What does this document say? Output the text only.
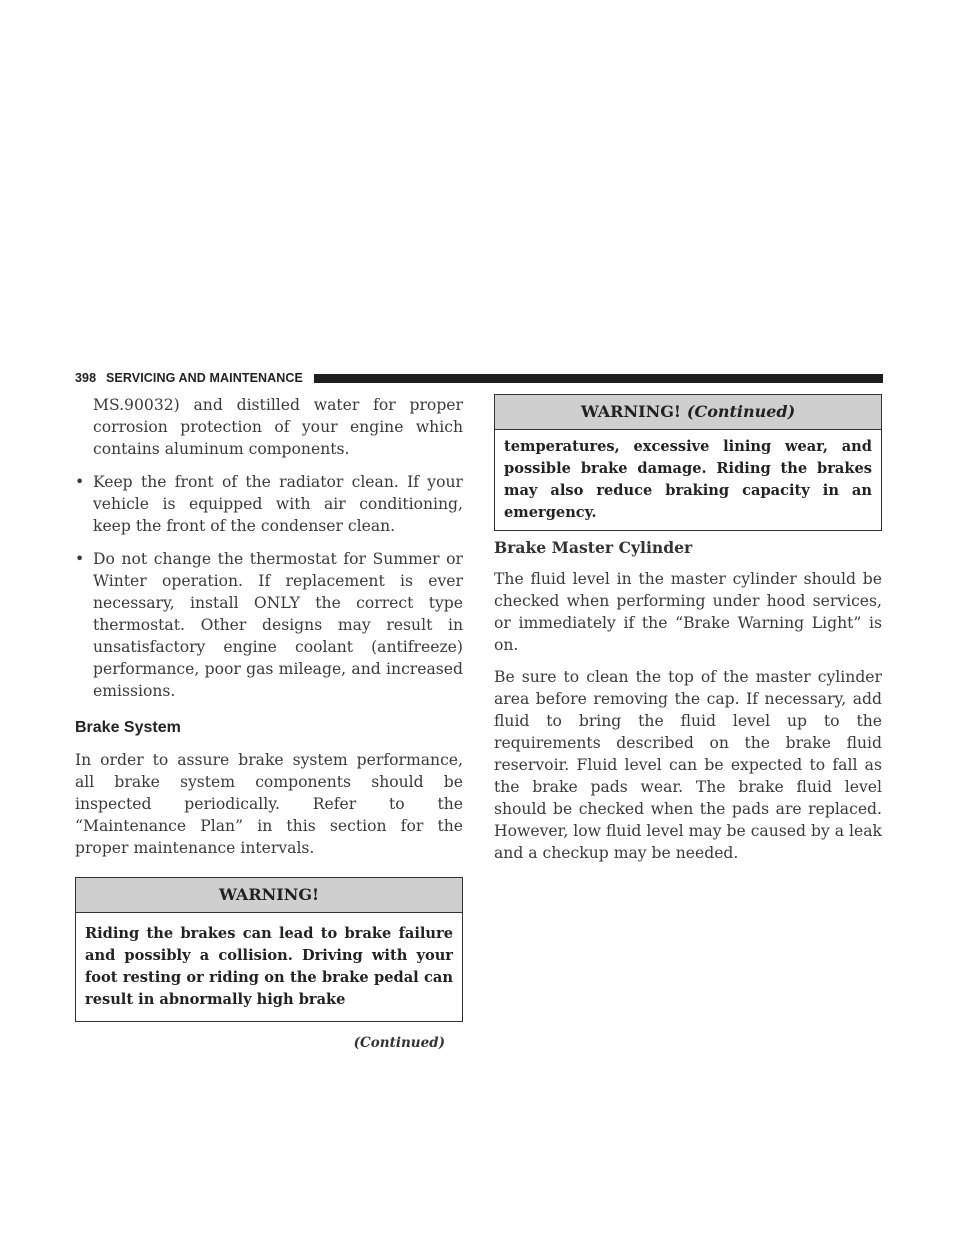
398 SERVICING AND MAINTENANCE

MS.90032) and distilled water for proper corrosion protection of your engine which contains aluminum components.

• Keep the front of the radiator clean. If your vehicle is equipped with air conditioning, keep the front of the condenser clean.
• Do not change the thermostat for Summer or Winter operation. If replacement is ever necessary, install ONLY the correct type thermostat. Other designs may result in unsatisfactory engine coolant (antifreeze) performance, poor gas mileage, and increased emissions.
Brake System

In order to assure brake system performance, all brake system components should be inspected periodically. Refer to the “Maintenance Plan” in this section for the proper maintenance intervals.

WARNING!
Riding the brakes can lead to brake failure and possibly a collision. Driving with your foot resting or riding on the brake pedal can result in abnormally high brake
(Continued)
WARNING! (Continued)
temperatures, excessive lining wear, and possible brake damage. Riding the brakes may also reduce braking capacity in an emergency.
Brake Master Cylinder

The fluid level in the master cylinder should be checked when performing under hood services, or immediately if the “Brake Warning Light” is on.

Be sure to clean the top of the master cylinder area before removing the cap. If necessary, add fluid to bring the fluid level up to the requirements described on the brake fluid reservoir. Fluid level can be expected to fall as the brake pads wear. The brake fluid level should be checked when the pads are replaced. However, low fluid level may be caused by a leak and a checkup may be needed.
